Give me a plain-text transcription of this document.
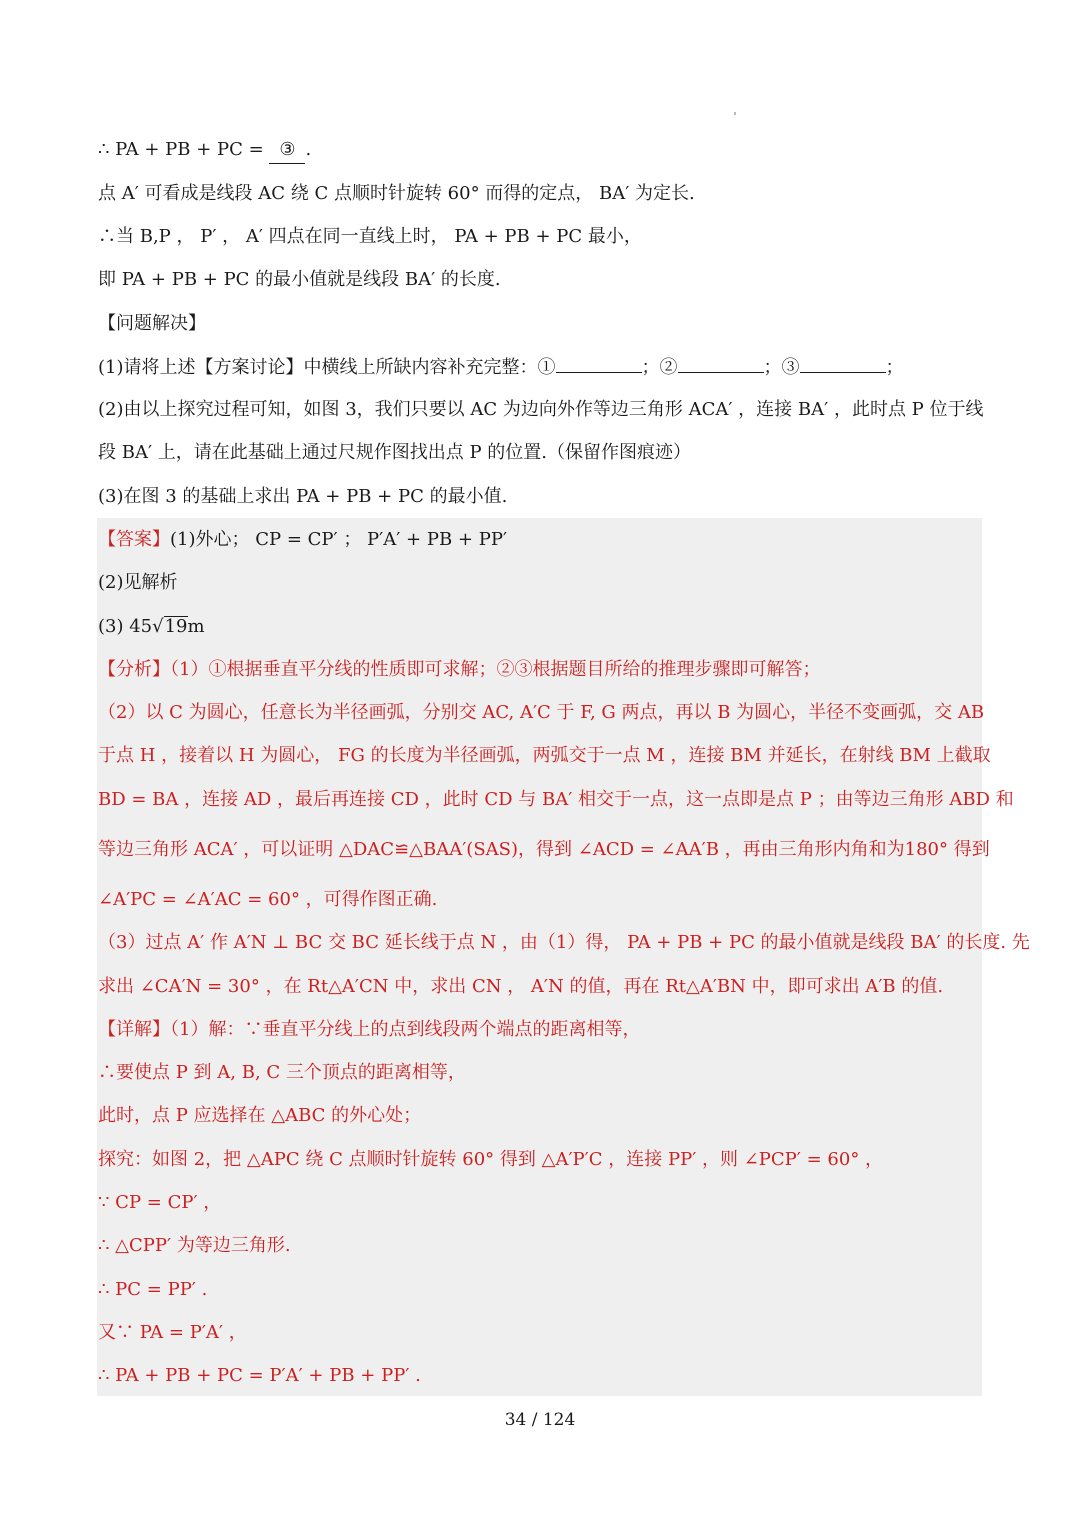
∴ PA + PB + PC = ③ .
点 A′ 可看成是线段 AC 绕 C 点顺时针旋转 60° 而得的定点， BA′ 为定长.
∴当 B,P ， P′ ， A′ 四点在同一直线上时， PA + PB + PC 最小，
即 PA + PB + PC 的最小值就是线段 BA′ 的长度.
【问题解决】
(1)请将上述【方案讨论】中横线上所缺内容补充完整：①	；②	；③	；
(2)由以上探究过程可知，如图 3，我们只要以 AC 为边向外作等边三角形 ACA′ ，连接 BA′ ，此时点 P 位于线
段 BA′ 上，请在此基础上通过尺规作图找出点 P 的位置.（保留作图痕迹）
(3)在图 3 的基础上求出 PA + PB + PC 的最小值.
【答案】(1)外心； CP = CP′ ； P′A′ + PB + PP′
(2)见解析
(3) 45√19m
【分析】（1）①根据垂直平分线的性质即可求解；②③根据题目所给的推理步骤即可解答；
（2）以 C 为圆心，任意长为半径画弧，分别交 AC, A′C 于 F, G 两点，再以 B 为圆心，半径不变画弧，交 AB
于点 H ，接着以 H 为圆心， FG 的长度为半径画弧，两弧交于一点 M ，连接 BM 并延长，在射线 BM 上截取
BD = BA ，连接 AD ，最后再连接 CD ，此时 CD 与 BA′ 相交于一点，这一点即是点 P ；由等边三角形 ABD 和
等边三角形 ACA′ ，可以证明 △DAC≌△BAA′(SAS)，得到 ∠ACD = ∠AA′B ，再由三角形内角和为180° 得到
∠A′PC = ∠A′AC = 60° ，可得作图正确.
（3）过点 A′ 作 A′N ⊥ BC 交 BC 延长线于点 N ，由（1）得， PA + PB + PC 的最小值就是线段 BA′ 的长度. 先
求出 ∠CA′N = 30° ，在 Rt△A′CN 中，求出 CN ， A′N 的值，再在 Rt△A′BN 中，即可求出 A′B 的值.
【详解】（1）解：∵垂直平分线上的点到线段两个端点的距离相等，
∴要使点 P 到 A, B, C 三个顶点的距离相等，
此时，点 P 应选择在 △ABC 的外心处；
探究：如图 2，把 △APC 绕 C 点顺时针旋转 60° 得到 △A′P′C ，连接 PP′ ，则 ∠PCP′ = 60° ，
∵ CP = CP′ ，
∴ △CPP′ 为等边三角形.
∴ PC = PP′ .
又∵ PA = P′A′ ，
∴ PA + PB + PC = P′A′ + PB + PP′ .
34 / 124
